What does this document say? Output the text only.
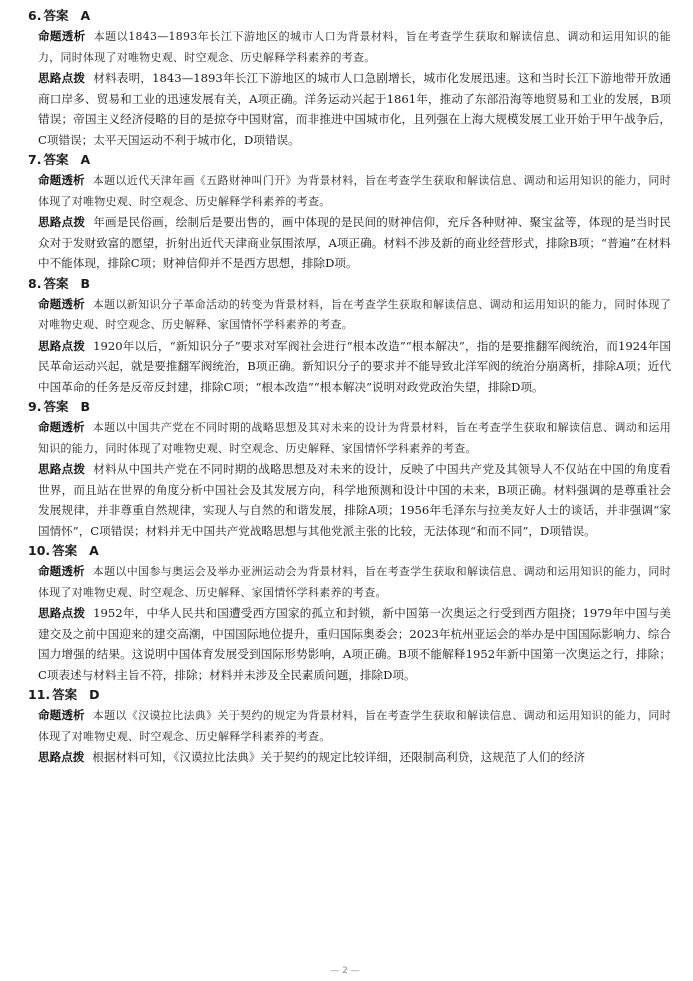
6. 答案 A

命题透析 本题以1843—1893年长江下游地区的城市人口为背景材料，旨在考查学生获取和解读信息、调动和运用知识的能力，同时体现了对唯物史观、时空观念、历史解释学科素养的考查。

思路点拨 材料表明，1843—1893年长江下游地区的城市人口急剧增长，城市化发展迅速。这和当时长江下游地带开放通商口岸多、贸易和工业的迅速发展有关，A项正确。洋务运动兴起于1861年，推动了东部沿海等地贸易和工业的发展，B项错误；帝国主义经济侵略的目的是掠夺中国财富，而非推进中国城市化，且列强在上海大规模发展工业开始于甲午战争后，C项错误；太平天国运动不利于城市化，D项错误。

7. 答案 A

命题透析 本题以近代天津年画《五路财神叫门开》为背景材料，旨在考查学生获取和解读信息、调动和运用知识的能力，同时体现了对唯物史观、时空观念、历史解释学科素养的考查。

思路点拨 年画是民俗画，绘制后是要出售的，画中体现的是民间的财神信仰，充斥各种财神、聚宝盆等，体现的是当时民众对于发财致富的愿望，折射出近代天津商业氛围浓厚，A项正确。材料不涉及新的商业经营形式，排除B项；“普遍”在材料中不能体现，排除C项；财神信仰并不是西方思想，排除D项。

8. 答案 B

命题透析 本题以新知识分子革命活动的转变为背景材料，旨在考查学生获取和解读信息、调动和运用知识的能力，同时体现了对唯物史观、时空观念、历史解释、家国情怀学科素养的考查。

思路点拨 1920年以后，“新知识分子”要求对军阀社会进行“根本改造”“根本解决”，指的是要推翻军阀统治，而1924年国民革命运动兴起，就是要推翻军阀统治，B项正确。新知识分子的要求并不能导致北洋军阀的统治分崩离析，排除A项；近代中国革命的任务是反帝反封建，排除C项；“根本改造”“根本解决”说明对政党政治失望，排除D项。

9. 答案 B

命题透析 本题以中国共产党在不同时期的战略思想及其对未来的设计为背景材料，旨在考查学生获取和解读信息、调动和运用知识的能力，同时体现了对唯物史观、时空观念、历史解释、家国情怀学科素养的考查。

思路点拨 材料从中国共产党在不同时期的战略思想及对未来的设计，反映了中国共产党及其领导人不仅站在中国的角度看世界，而且站在世界的角度分析中国社会及其发展方向，科学地预测和设计中国的未来，B项正确。材料强调的是尊重社会发展规律，并非尊重自然规律，实现人与自然的和谐发展，排除A项；1956年毛泽东与拉美友好人士的谈话，并非强调“家国情怀”，C项错误；材料并无中国共产党战略思想与其他党派主张的比较，无法体现“和而不同”，D项错误。

10. 答案 A

命题透析 本题以中国参与奥运会及举办亚洲运动会为背景材料，旨在考查学生获取和解读信息、调动和运用知识的能力，同时体现了对唯物史观、时空观念、历史解释、家国情怀学科素养的考查。

思路点拨 1952年，中华人民共和国遭受西方国家的孤立和封锁，新中国第一次奥运之行受到西方阻挠；1979年中国与美建交及之前中国迎来的建交高潮，中国国际地位提升，重归国际奥委会；2023年杭州亚运会的举办是中国国际影响力、综合国力增强的结果。这说明中国体育发展受到国际形势影响，A项正确。B项不能解释1952年新中国第一次奥运之行，排除；C项表述与材料主旨不符，排除；材料并未涉及全民素质问题，排除D项。

11. 答案 D

命题透析 本题以《汉谟拉比法典》关于契约的规定为背景材料，旨在考查学生获取和解读信息、调动和运用知识的能力，同时体现了对唯物史观、时空观念、历史解释学科素养的考查。

思路点拨 根据材料可知，《汉谟拉比法典》关于契约的规定比较详细，还限制高利贷，这规范了人们的经济

— 2 —
